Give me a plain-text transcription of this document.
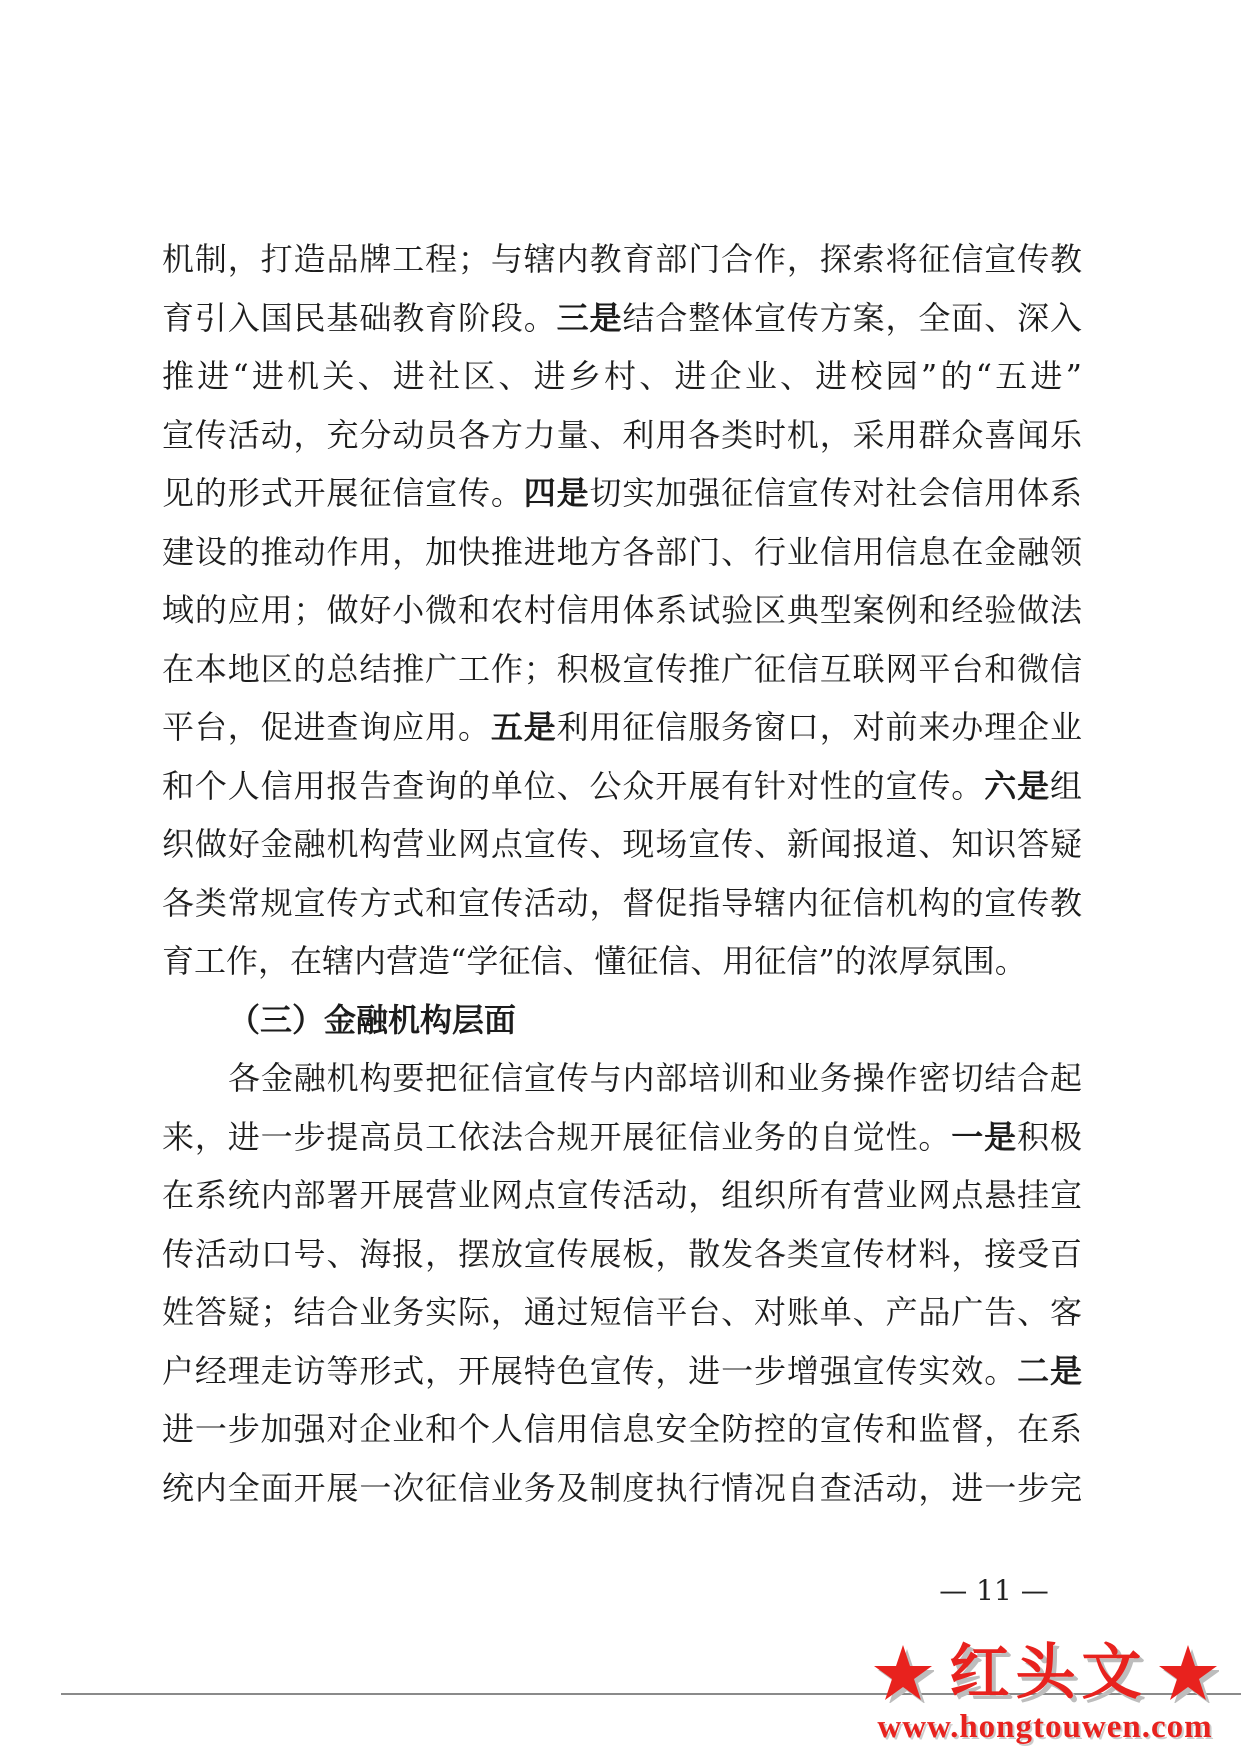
机制，打造品牌工程；与辖内教育部门合作，探索将征信宣传教
育引入国民基础教育阶段。三是结合整体宣传方案，全面、深入
推进“进机关、进社区、进乡村、进企业、进校园”的“五进”
宣传活动，充分动员各方力量、利用各类时机，采用群众喜闻乐
见的形式开展征信宣传。四是切实加强征信宣传对社会信用体系
建设的推动作用，加快推进地方各部门、行业信用信息在金融领
域的应用；做好小微和农村信用体系试验区典型案例和经验做法
在本地区的总结推广工作；积极宣传推广征信互联网平台和微信
平台，促进查询应用。五是利用征信服务窗口，对前来办理企业
和个人信用报告查询的单位、公众开展有针对性的宣传。六是组
织做好金融机构营业网点宣传、现场宣传、新闻报道、知识答疑
各类常规宣传方式和宣传活动，督促指导辖内征信机构的宣传教
育工作，在辖内营造“学征信、懂征信、用征信”的浓厚氛围。
（三）金融机构层面
各金融机构要把征信宣传与内部培训和业务操作密切结合起
来，进一步提高员工依法合规开展征信业务的自觉性。一是积极
在系统内部署开展营业网点宣传活动，组织所有营业网点悬挂宣
传活动口号、海报，摆放宣传展板，散发各类宣传材料，接受百
姓答疑；结合业务实际，通过短信平台、对账单、产品广告、客
户经理走访等形式，开展特色宣传，进一步增强宣传实效。二是
进一步加强对企业和个人信用信息安全防控的宣传和监督，在系
统内全面开展一次征信业务及制度执行情况自查活动，进一步完
— 11 —
红头文
www.hongtouwen.com
